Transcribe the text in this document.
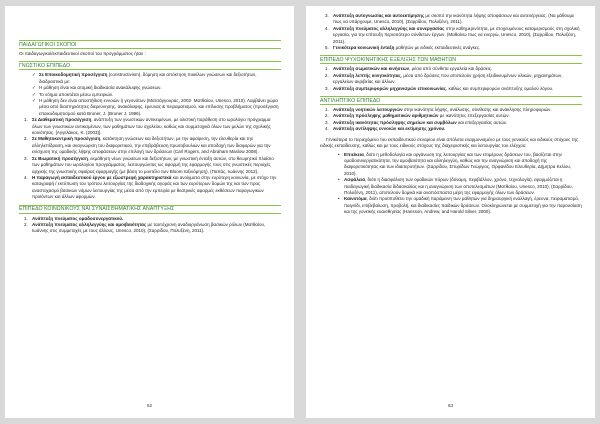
ΠΑΙΔΑΓΩΓΙΚΟΙ ΣΚΟΠΟΙ

Οι παιδαγωγικοί/εκπαιδευτικοί σκοποί του προγράμματος ήταν :

ΓΝΩΣΤΙΚΟ ΕΠΙΠΕΔΟ
✓ Σε Εποικοδομητική προσέγγιση (constructivism), δόμηση και απόκτηση ποικίλων γνώσεων και δεξιοτήτων, διαδραστικά με:
✓ Η μάθηση είναι και ατομική διαδικασία ανακάλυψης γνώσεων.
✓ Το νόημα αποκτάται μέσω εμπειριών.
✓ Η μάθηση δεν είναι αποστήθιση εννοιών ή γεγονότων (Ματσάγγουρας, 2002· Ματθαίου, Unesco, 2010). Λαμβάνει χώρα μέσα από διαστηριότητες διερεύνησης, ανακάλυψης, έρευνας & πειραματισμού, και επίλυσης προβλήματος (προσέγγιση εποικοδομητισμού κατά Bruner, J. (Bruner J. 1996).
1. Σε Διαθεματική προσέγγιση, ανάπτυξη των γνωστικών αντικειμένων, με ολιστική παράθεση στο ωρολόγιο πρόγραμμα όλων των γνωστικών αντικειμένων, των μαθημάτων του σχολείου, καθώς και συμμετοχικά όλων των μελών της σχολικής κοινότητας. [Αγγελάκος, Κ. (2003)].
2. Σε Μαθητοκεντρική προσέγγιση, κατάκτηση γνώσεων και δεξιοτήτων, με την αφαίρεση, την ελευθερία και την αλληλεπίδραση, και αναγνώριση του διαφορετικού, την επιβράβευση πρωτοβουλιών και αποδοχή των διαφορών για την ενίσχυση της ομαδικής λήψης αποφάσεων στην επιλογή των δράσεων (Carl Rogers, and Abraham Maslow 2008).
3. Σε Βιωματική προσέγγιση, εκμάθηση νέων γνώσεων και δεξιοτήτων, με γνωστική ένταξη αυτών, στο θεωρητικό πλαίσιο των μαθημάτων του ωρολογίου προγράμματος, λειτουργώντας ως αφορμή της εφαρμογής τους στις γνωστικές περιοχές αρχικής της γνωστικής σφαίρας εφαρμογής (με βάση το μοντέλο των Bloom ταξινόμηση), (Παπάς, Ιωάννης 2012).
4. Η παραγωγή εκπαιδευτικού έργου με εξωστρεφή χαρακτηριστικά και ανοίγματα στην ευρύτερη κοινωνία, με στόχο την καταγραφή / εκτύπωση του τρόπου λειτουργίας της διαδοχικής αγοράς και των ευρύτερων δομών της και των προς αναστοχασμό βασικών νόμων λειτουργίας της μέσα από την εμπειρία με θεατρικές αφορμές εκθέσεων παραγωγικών προϊόντων και άλλων αφορμών.
ΕΠΙΠΕΔΟ ΚΟΙΝΩΝΙΚΟΥΣ ΝΑΙ ΣΥΝΑΙΣΘΗΜΑΤΙΚΗΣ ΑΝΑΠΤΥΞΗΣ
1. Ανάπτυξη πνεύματος ομαδοσυνεργατικού.
2. Ανάπτυξη πνεύματος αλληλεγγύης και αμοιβαιότητας με ταυτόχρονη αναδιοργάνωση βασικών ρόλων (Ματθαίου, Ιωάννης στις συμμετοχές με τους άλλους, Unesco, 2010), (Σαρρίδου, Πολυξένη, 2011).
62
3. Ανάπτυξη αυτογνωσίας και αυτοεκτίμησης με σκοπό την ικανότητα λήψης αποφάσεων και αυτενέργειας. (Να μάθουμε πως να υπάρχουμε, Unesco, 2010), (Σαρρίδου, Πολυξένη, 2011).
4. Ανάπτυξη πνεύματος αλληλεγγύης και συνεργασίας στην καθημερινότητα, με στοχευμένους καταμερισμούς στη σχολική εργασία, για την επίτευξη περισσότερο σύνθετων έργων. (Μαθαίνω πως να ενεργώ, Unesco, 2010), (Σαρρίδου, Πολυξένη, 2011).
5. Γενικότερα κοινωνική ένταξη μαθητών με ειδικές εκπαιδευτικές ανάγκες.
ΕΠΙΠΕΔΟ ΨΥΧΟΚΙΝΗΤΙΚΗΣ ΕΞΕΛΙΞΗΣ ΤΩΝ ΜΑΘΗΤΩΝ
1. Ανάπτυξη σωματικών και κινήσεων, μέσα από σύνθετα εργαλεία και δράσεις.
2. Ανάπτυξη λεπτής κινητικότητας, μέσα από δράσεις που αποτελούν χρήση εξειδικευμένων υλικών, μηχανημάτων, εργαλείων ακριβείας και άλλων.
3. Ανάπτυξη συμπεριφορών μηχανισμών επικοινωνίας, καθώς και συμπεριφορών ανάπτυξης ομαλού λόγου.
ΑΝΤΙΛΗΠΤΙΚΟ ΕΠΙΠΕΔΟ
1. Ανάπτυξη νοητικών λειτουργιών στην ικανότητα λήψης, ανάλυσης, σύνθεσης και ανάκλησης πληροφοριών.
2. Ανάπτυξη πρόσληψης μαθηματικών αριθμητικών με ικανότητες επεξεργασίας αυτών.
3. Ανάπτυξη ικανότητας πρόσληψης σημείων και συμβόλων και επεξεργασίας αυτών.
4. Ανάπτυξη αντίληψης εννοιών και εκτίμησης χρόνου.

Γενικότερα το περιεχόμενο του εκπαιδευτικού σεναρίου είναι απόλυτα εναρμονισμένο με τους γενικούς και ειδικούς στόχους της ειδικής εκπαίδευσης, καθώς και με τους ειδικούς στόχους της διαχειριστικής και λειτουργίας του ελέγχου:

• Επιείκεια, διότι η μεθοδολογία και οργάνωση της λειτουργίας και των επιμέρους δράσεων του, βασίζεται στην ομαδοσυνεργατικότητα, την αμοιβαιότητα και αλληλεγγύη, καθώς και την αναγνώριση και αποδοχή της διαφορετικότητας και των ιδιαιτεροτήτων. (Σαρρίδου, Σπυρίδων Γεώργιος, Ορφανίδου Ελευθερία, Δήμητρα Κελίου, 2010).
• Ασφάλεια, διότι η διασφάλιση των ομαδικών πόρων (δύναμη, περιβάλλον, χρόνο, τεχνολογία), εφαρμόζεται η παιδαγωγική διαδικασία διδασκαλίας και η αναγνώριση των αποτελεσμάτων (Ματθαίου, Unesco, 2010), (Σαρρίδου, Πολυξένη, 2011), αποτελούν δομικά και αναπόσπαστα μέρη της εφαρμογής όλων των δράσεων.
• Καινοτόμα, διότι προϋποθέτει την ομαδική παράμεινη των μαθητών για δημιουργική εναλλαγή, έρευνα, πειραματισμό, παιγνίδι, επιβεβαίωση, προβολή, και διαδικασίες παιδικών δράσεων. Ολοκληρώνεται με συμμετοχή για την παρουσίαση και της γονεϊκής ευαισθησίας (Hansson, Andrew, and Harold Silver, 2000).
63
